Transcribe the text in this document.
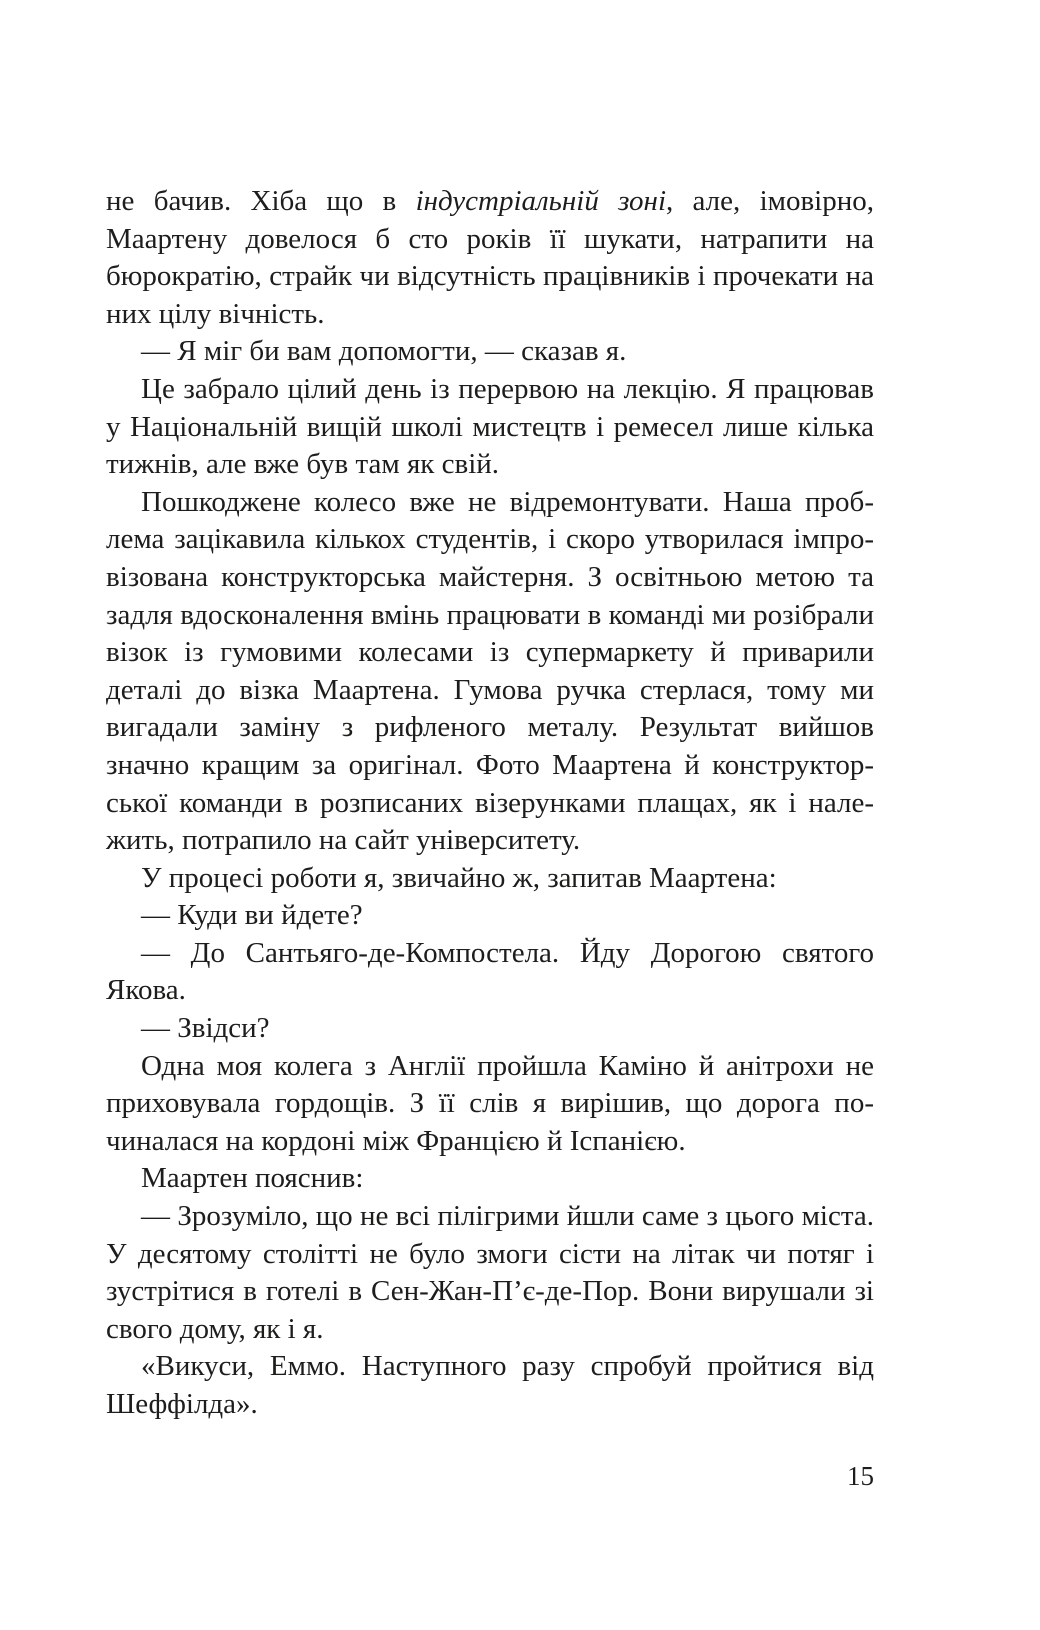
не бачив. Хіба що в індустріальній зоні, але, імовірно, Маартену довелося б сто років її шукати, натрапити на бюрократію, страйк чи відсутність працівників і прочекати на них цілу вічність.

— Я міг би вам допомогти, — сказав я.

Це забрало цілий день із перервою на лекцію. Я працював у Національній вищій школі мистецтв і ремесел лише кілька тижнів, але вже був там як свій.

Пошкоджене колесо вже не відремонтувати. Наша проблема зацікавила кількох студентів, і скоро утворилася імпровізована конструкторська майстерня. З освітньою метою та задля вдосконалення вмінь працювати в команді ми розібрали візок із гумовими колесами із супермаркету й приварили деталі до візка Маартена. Гумова ручка стерлася, тому ми вигадали заміну з рифленого металу. Результат вийшов значно кращим за оригінал. Фото Маартена й конструкторської команди в розписаних візерунками плащах, як і належить, потрапило на сайт університету.

У процесі роботи я, звичайно ж, запитав Маартена:

— Куди ви йдете?

— До Сантьяго-де-Компостела. Йду Дорогою святого Якова.

— Звідси?

Одна моя колега з Англії пройшла Каміно й анітрохи не приховувала гордощів. З її слів я вирішив, що дорога починалася на кордоні між Францією й Іспанією.

Маартен пояснив:

— Зрозуміло, що не всі пілігрими йшли саме з цього міста. У десятому столітті не було змоги сісти на літак чи потяг і зустрітися в готелі в Сен-Жан-П’є-де-Пор. Вони вирушали зі свого дому, як і я.

«Викуси, Еммо. Наступного разу спробуй пройтися від Шеффілда».

15
